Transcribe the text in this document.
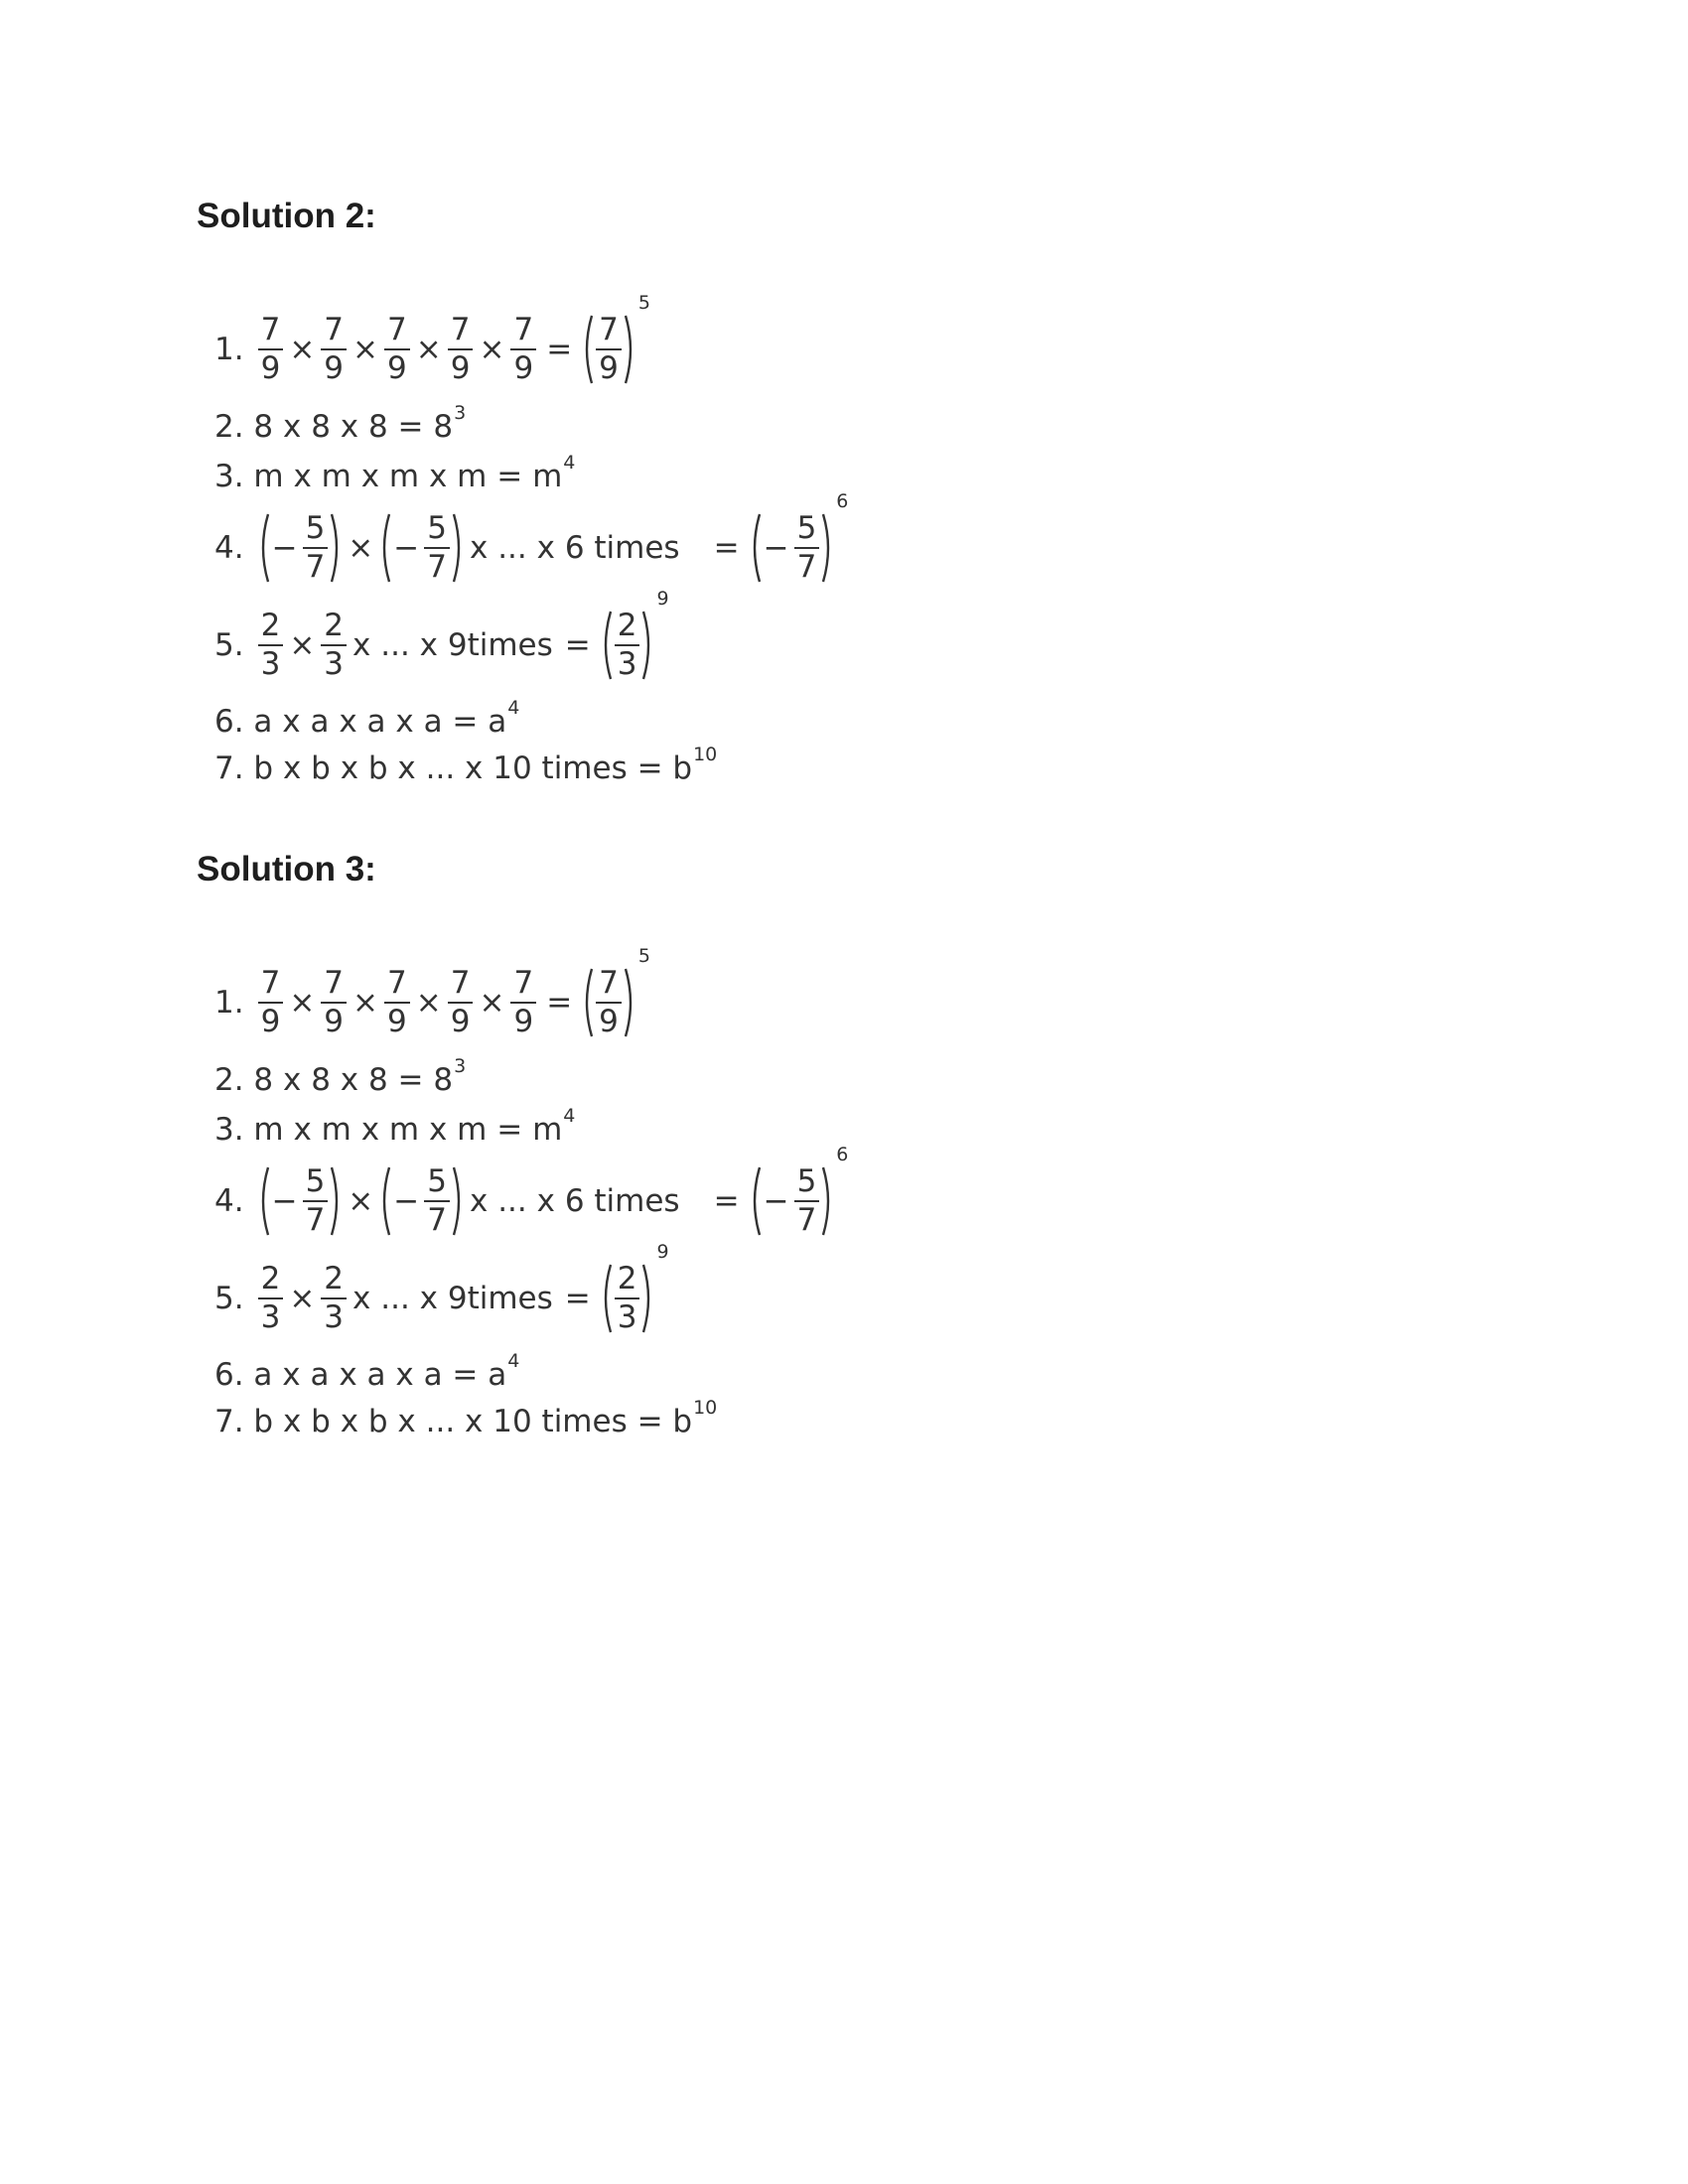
Solution 2:
1. $\frac{7}{9} \times \frac{7}{9} \times \frac{7}{9} \times \frac{7}{9} \times \frac{7}{9} = \frac{7}{9}$
5
2. 8 x 8 x 8 = 8 3
3. m x m x m x m = m 4
4. − $\frac{5}{7}$ × − $\frac{5}{7}$ x ... x 6 times = − $\frac{5}{7}$
6
5. $\frac{2}{3} \times \frac{2}{3}$ x ... x 9times = $\frac{2}{3}$
9
6. a x a x a x a = a 4
7. b x b x b x ... x 10 times = b 10
Solution 3:
1. $\frac{7}{9} \times \frac{7}{9} \times \frac{7}{9} \times \frac{7}{9} \times \frac{7}{9} = \frac{7}{9}$
5
2. 8 x 8 x 8 = 8 3
3. m x m x m x m = m 4
4. − $\frac{5}{7}$ × − $\frac{5}{7}$ x ... x 6 times = − $\frac{5}{7}$
6
5. $\frac{2}{3} \times \frac{2}{3}$ x ... x 9times = $\frac{2}{3}$
9
6. a x a x a x a = a 4
7. b x b x b x ... x 10 times = b 10
